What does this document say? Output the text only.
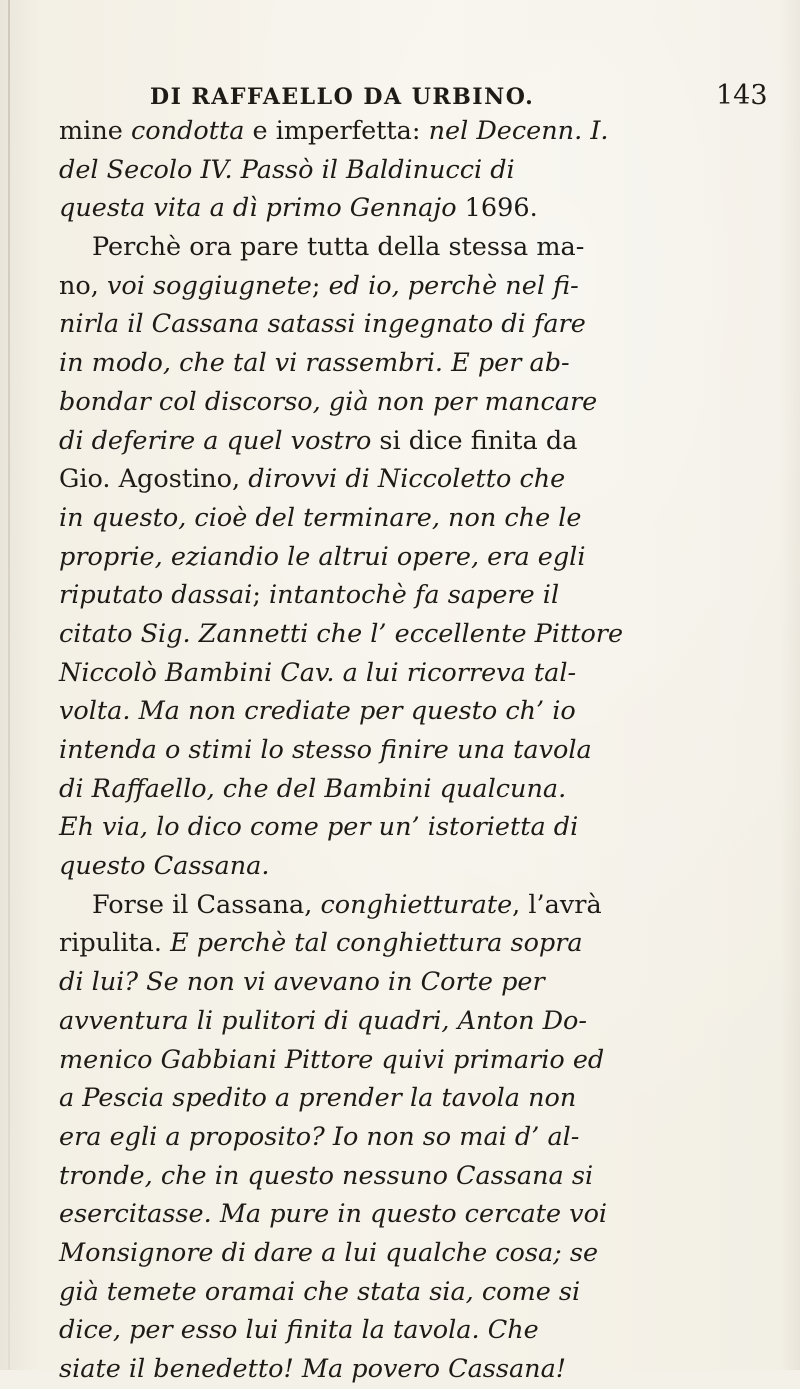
DI RAFFAELLO DA URBINO.	143
mine condotta e imperfetta: nel Decenn. I.
del Secolo IV. Passò il Baldinucci di
questa vita a dì primo Gennajo 1696.
Perchè ora pare tutta della stessa ma-
no, voi soggiugnete; ed io, perchè nel fi-
nirla il Cassana satassi ingegnato di fare
in modo, che tal vi rassembri. E per ab-
bondar col discorso, già non per mancare
di deferire a quel vostro si dice finita da
Gio. Agostino, dirovvi di Niccoletto che
in questo, cioè del terminare, non che le
proprie, eziandio le altrui opere, era egli
riputato dassai; intantochè fa sapere il
citato Sig. Zannetti che l’ eccellente Pittore
Niccolò Bambini Cav. a lui ricorreva tal-
volta. Ma non crediate per questo ch’ io
intenda o stimi lo stesso finire una tavola
di Raffaello, che del Bambini qualcuna.
Eh via, lo dico come per un’ istorietta di
questo Cassana.
Forse il Cassana, conghietturate, l’avrà
ripulita. E perchè tal conghiettura sopra
di lui? Se non vi avevano in Corte per
avventura li pulitori di quadri, Anton Do-
menico Gabbiani Pittore quivi primario ed
a Pescia spedito a prender la tavola non
era egli a proposito? Io non so mai d’ al-
tronde, che in questo nessuno Cassana si
esercitasse. Ma pure in questo cercate voi
Monsignore di dare a lui qualche cosa; se
già temete oramai che stata sia, come si
dice, per esso lui finita la tavola. Che
siate il benedetto! Ma povero Cassana!
